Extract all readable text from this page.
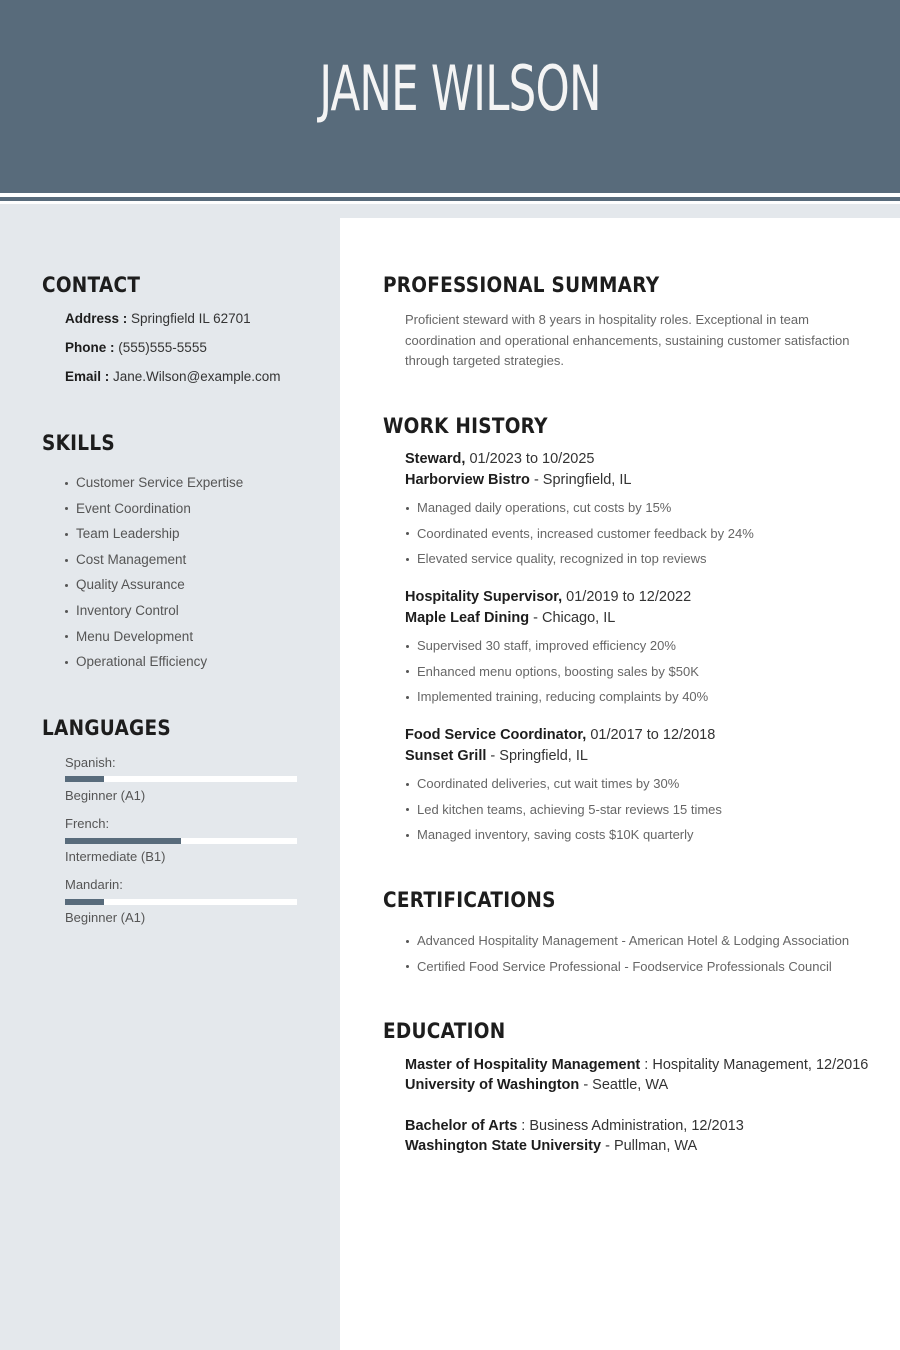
JANE WILSON
CONTACT
Address : Springfield IL 62701
Phone : (555)555-5555
Email : Jane.Wilson@example.com
SKILLS
Customer Service Expertise
Event Coordination
Team Leadership
Cost Management
Quality Assurance
Inventory Control
Menu Development
Operational Efficiency
LANGUAGES
Spanish:
Beginner (A1)
French:
Intermediate (B1)
Mandarin:
Beginner (A1)
PROFESSIONAL SUMMARY

Proficient steward with 8 years in hospitality roles. Exceptional in team coordination and operational enhancements, sustaining customer satisfaction through targeted strategies.

WORK HISTORY
Steward, 01/2023 to 10/2025
Harborview Bistro - Springfield, IL
Managed daily operations, cut costs by 15%
Coordinated events, increased customer feedback by 24%
Elevated service quality, recognized in top reviews
Hospitality Supervisor, 01/2019 to 12/2022
Maple Leaf Dining - Chicago, IL
Supervised 30 staff, improved efficiency 20%
Enhanced menu options, boosting sales by $50K
Implemented training, reducing complaints by 40%
Food Service Coordinator, 01/2017 to 12/2018
Sunset Grill - Springfield, IL
Coordinated deliveries, cut wait times by 30%
Led kitchen teams, achieving 5-star reviews 15 times
Managed inventory, saving costs $10K quarterly
CERTIFICATIONS
Advanced Hospitality Management - American Hotel & Lodging Association
Certified Food Service Professional - Foodservice Professionals Council
EDUCATION
Master of Hospitality Management : Hospitality Management, 12/2016
University of Washington - Seattle, WA
Bachelor of Arts : Business Administration, 12/2013
Washington State University - Pullman, WA
